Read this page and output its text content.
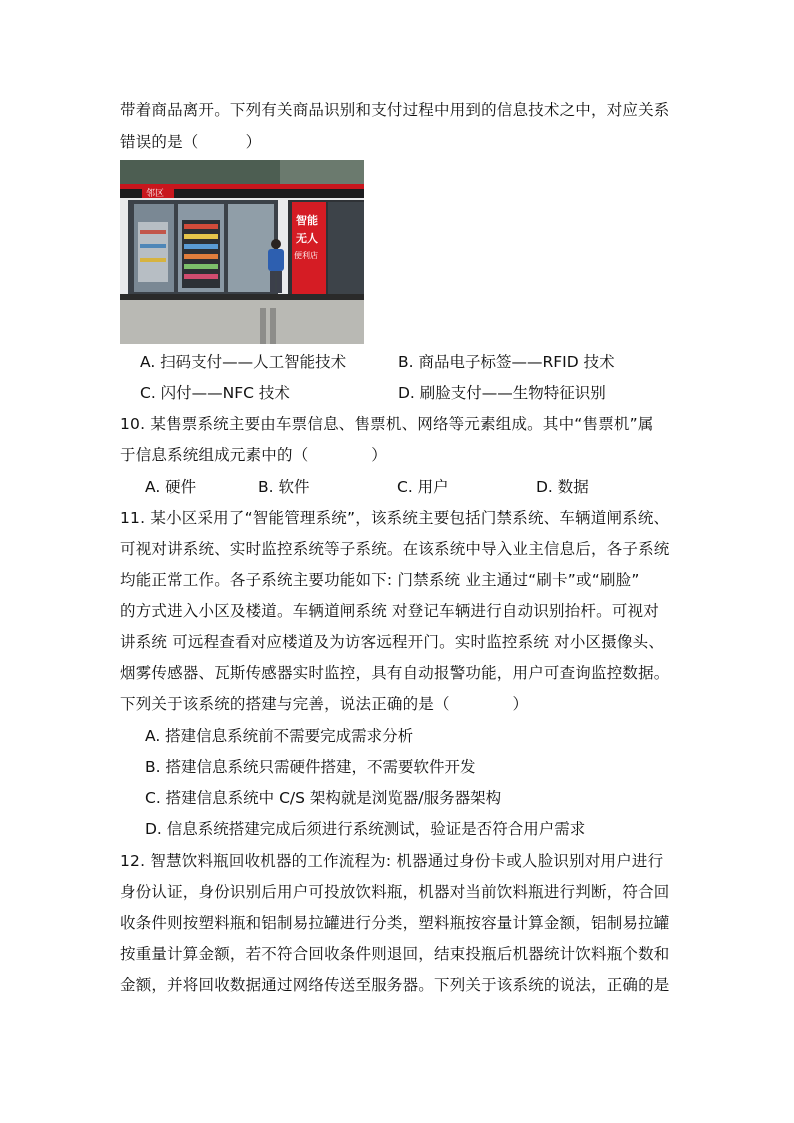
带着商品离开。下列有关商品识别和支付过程中用到的信息技术之中，对应关系
错误的是（　　　）
邻区
智能
无人
便利店
A. 扫码支付——人工智能技术	B. 商品电子标签——RFID 技术
C. 闪付——NFC 技术	D. 刷脸支付——生物特征识别
10. 某售票系统主要由车票信息、售票机、网络等元素组成。其中“售票机”属
于信息系统组成元素中的（　　　　）
A. 硬件	B. 软件	C. 用户	D. 数据
11. 某小区采用了“智能管理系统”，该系统主要包括门禁系统、车辆道闸系统、
可视对讲系统、实时监控系统等子系统。在该系统中导入业主信息后，各子系统
均能正常工作。各子系统主要功能如下: 门禁系统 业主通过“刷卡”或“刷脸”
的方式进入小区及楼道。车辆道闸系统 对登记车辆进行自动识别抬杆。可视对
讲系统 可远程查看对应楼道及为访客远程开门。实时监控系统 对小区摄像头、
烟雾传感器、瓦斯传感器实时监控，具有自动报警功能，用户可查询监控数据。
下列关于该系统的搭建与完善，说法正确的是（　　　　）
A. 搭建信息系统前不需要完成需求分析
B. 搭建信息系统只需硬件搭建，不需要软件开发
C. 搭建信息系统中 C/S 架构就是浏览器/服务器架构
D. 信息系统搭建完成后须进行系统测试，验证是否符合用户需求
12. 智慧饮料瓶回收机器的工作流程为: 机器通过身份卡或人脸识别对用户进行
身份认证，身份识别后用户可投放饮料瓶，机器对当前饮料瓶进行判断，符合回
收条件则按塑料瓶和铝制易拉罐进行分类，塑料瓶按容量计算金额，铝制易拉罐
按重量计算金额，若不符合回收条件则退回，结束投瓶后机器统计饮料瓶个数和
金额，并将回收数据通过网络传送至服务器。下列关于该系统的说法，正确的是
